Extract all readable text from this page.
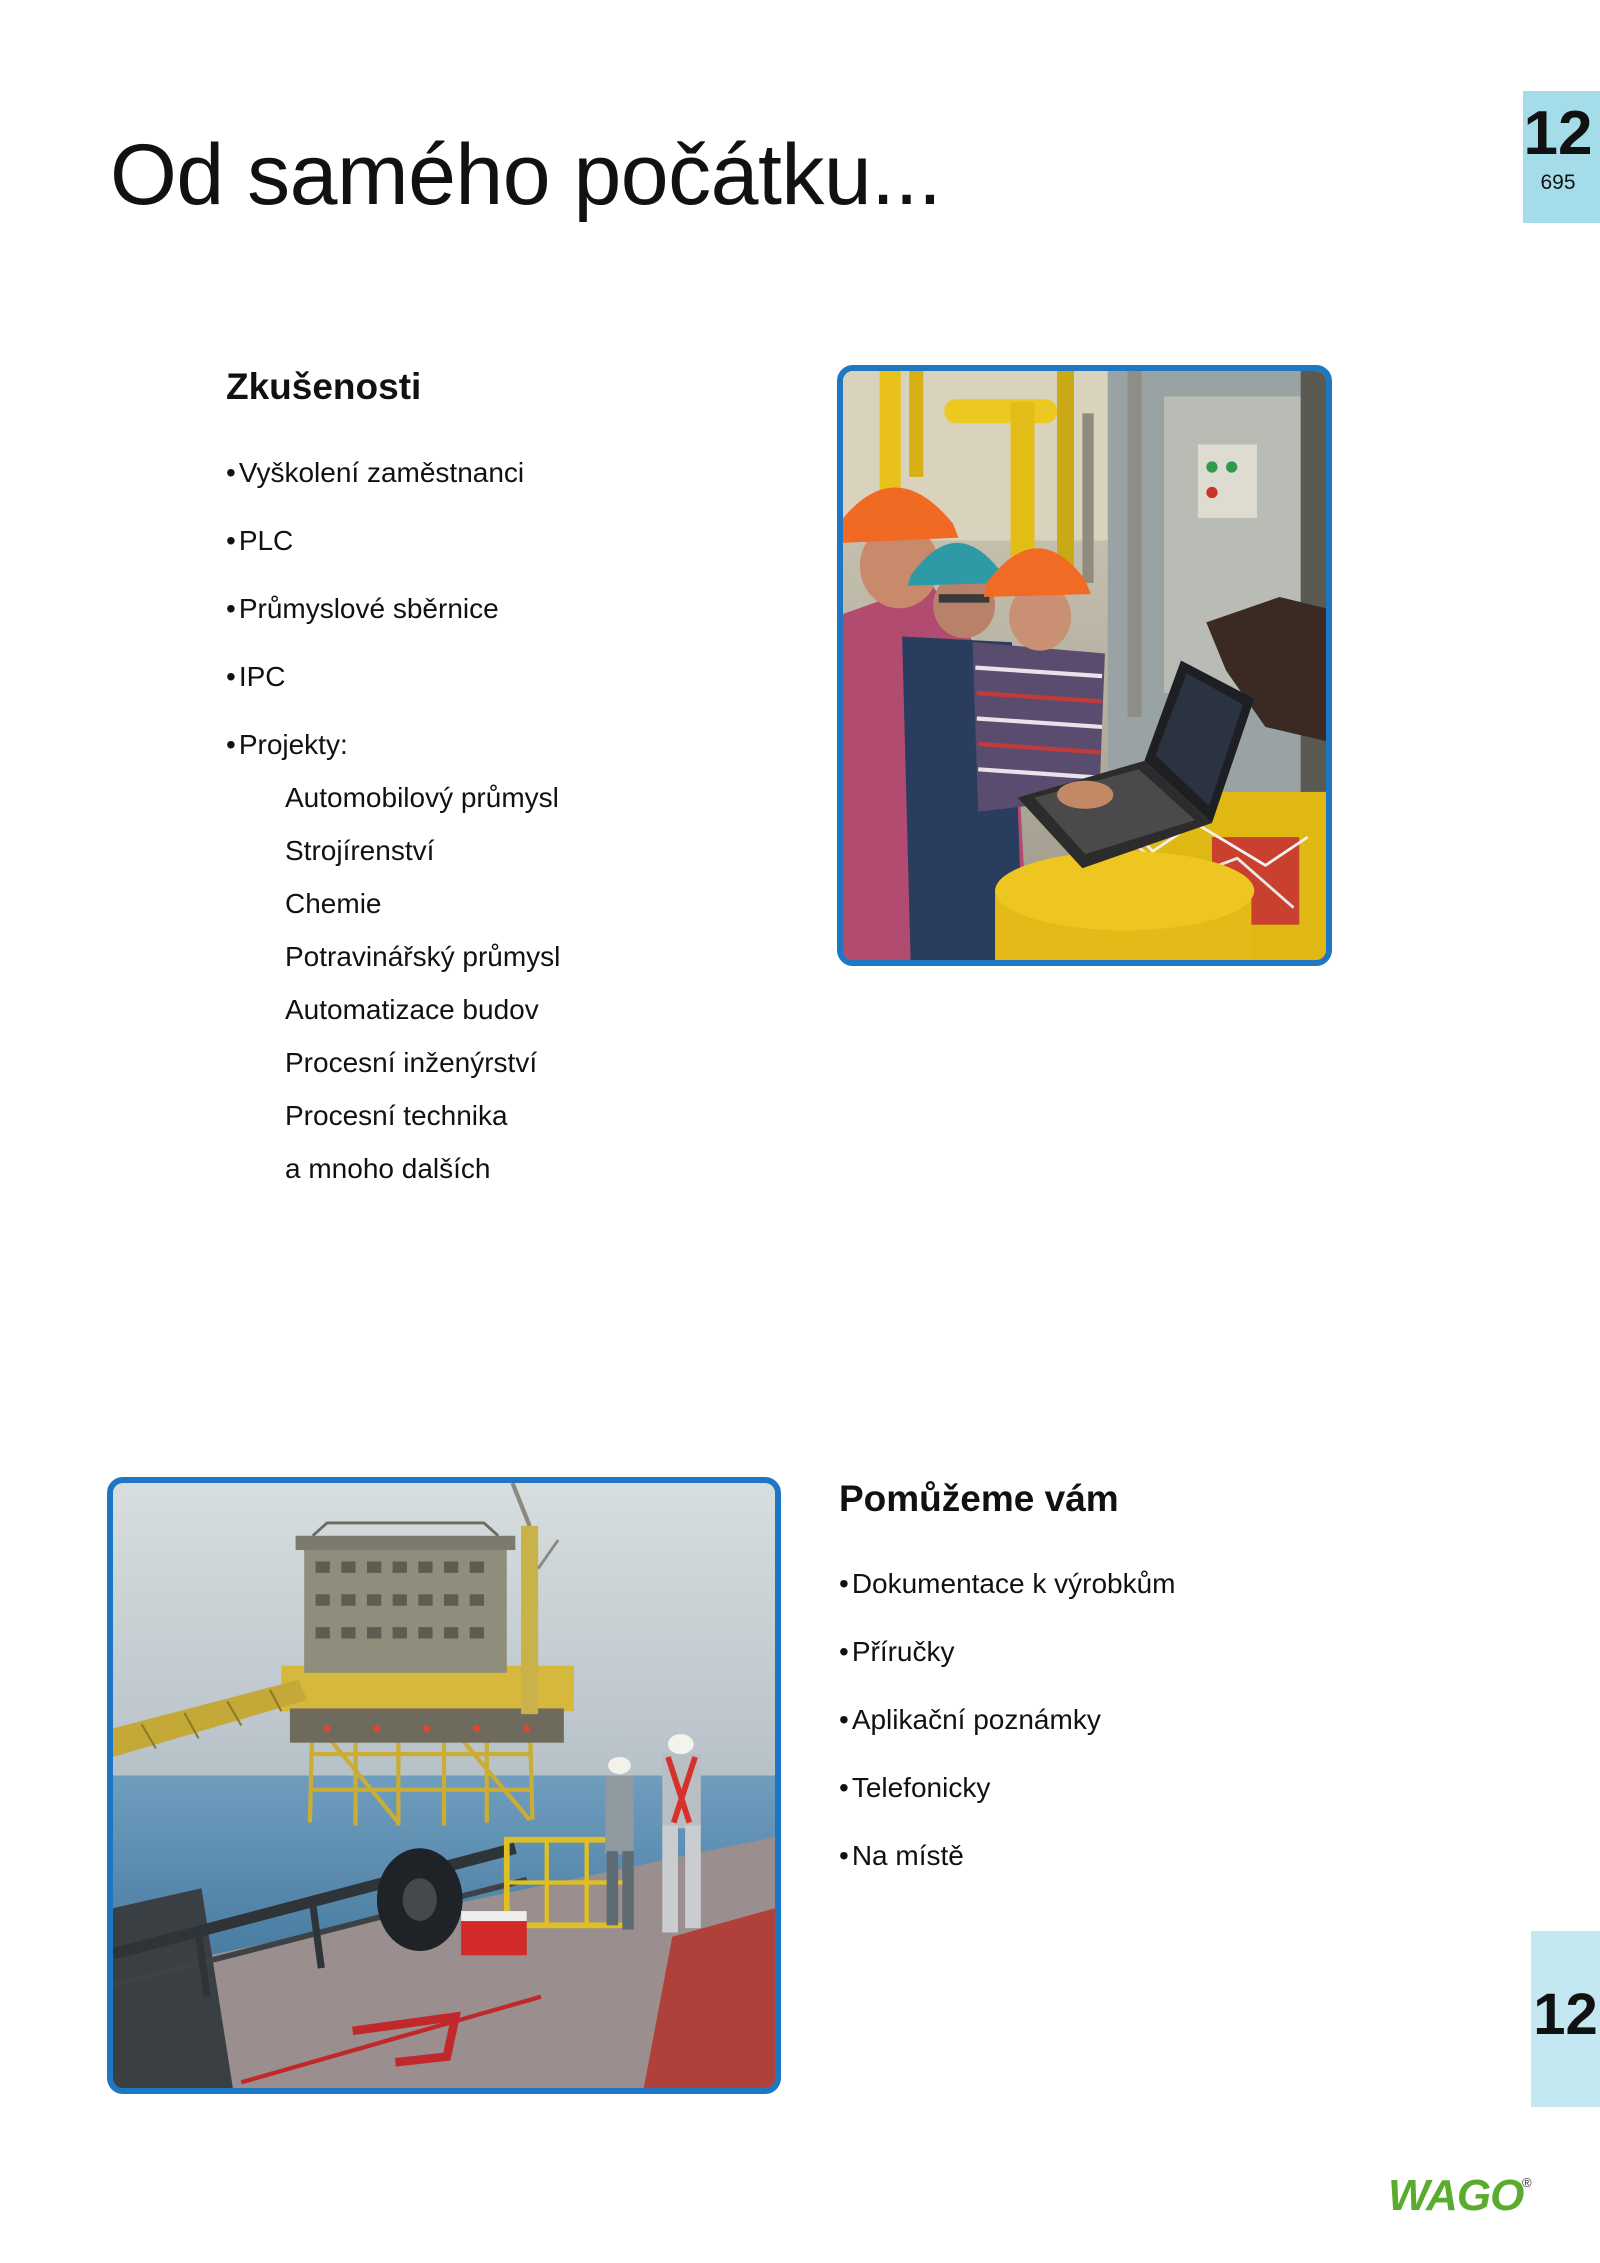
Od samého počátku...	12
695
Zkušenosti
• Vyškolení zaměstnanci
• PLC
• Průmyslové sběrnice
• IPC
• Projekty:
Automobilový průmysl
Strojírenství
Chemie
Potravinářský průmysl
Automatizace budov
Procesní inženýrství
Procesní technika
a mnoho dalších
Pomůžeme vám
• Dokumentace k výrobkům
• Příručky
• Aplikační poznámky
• Telefonicky
• Na místě
12
WAGO
®
